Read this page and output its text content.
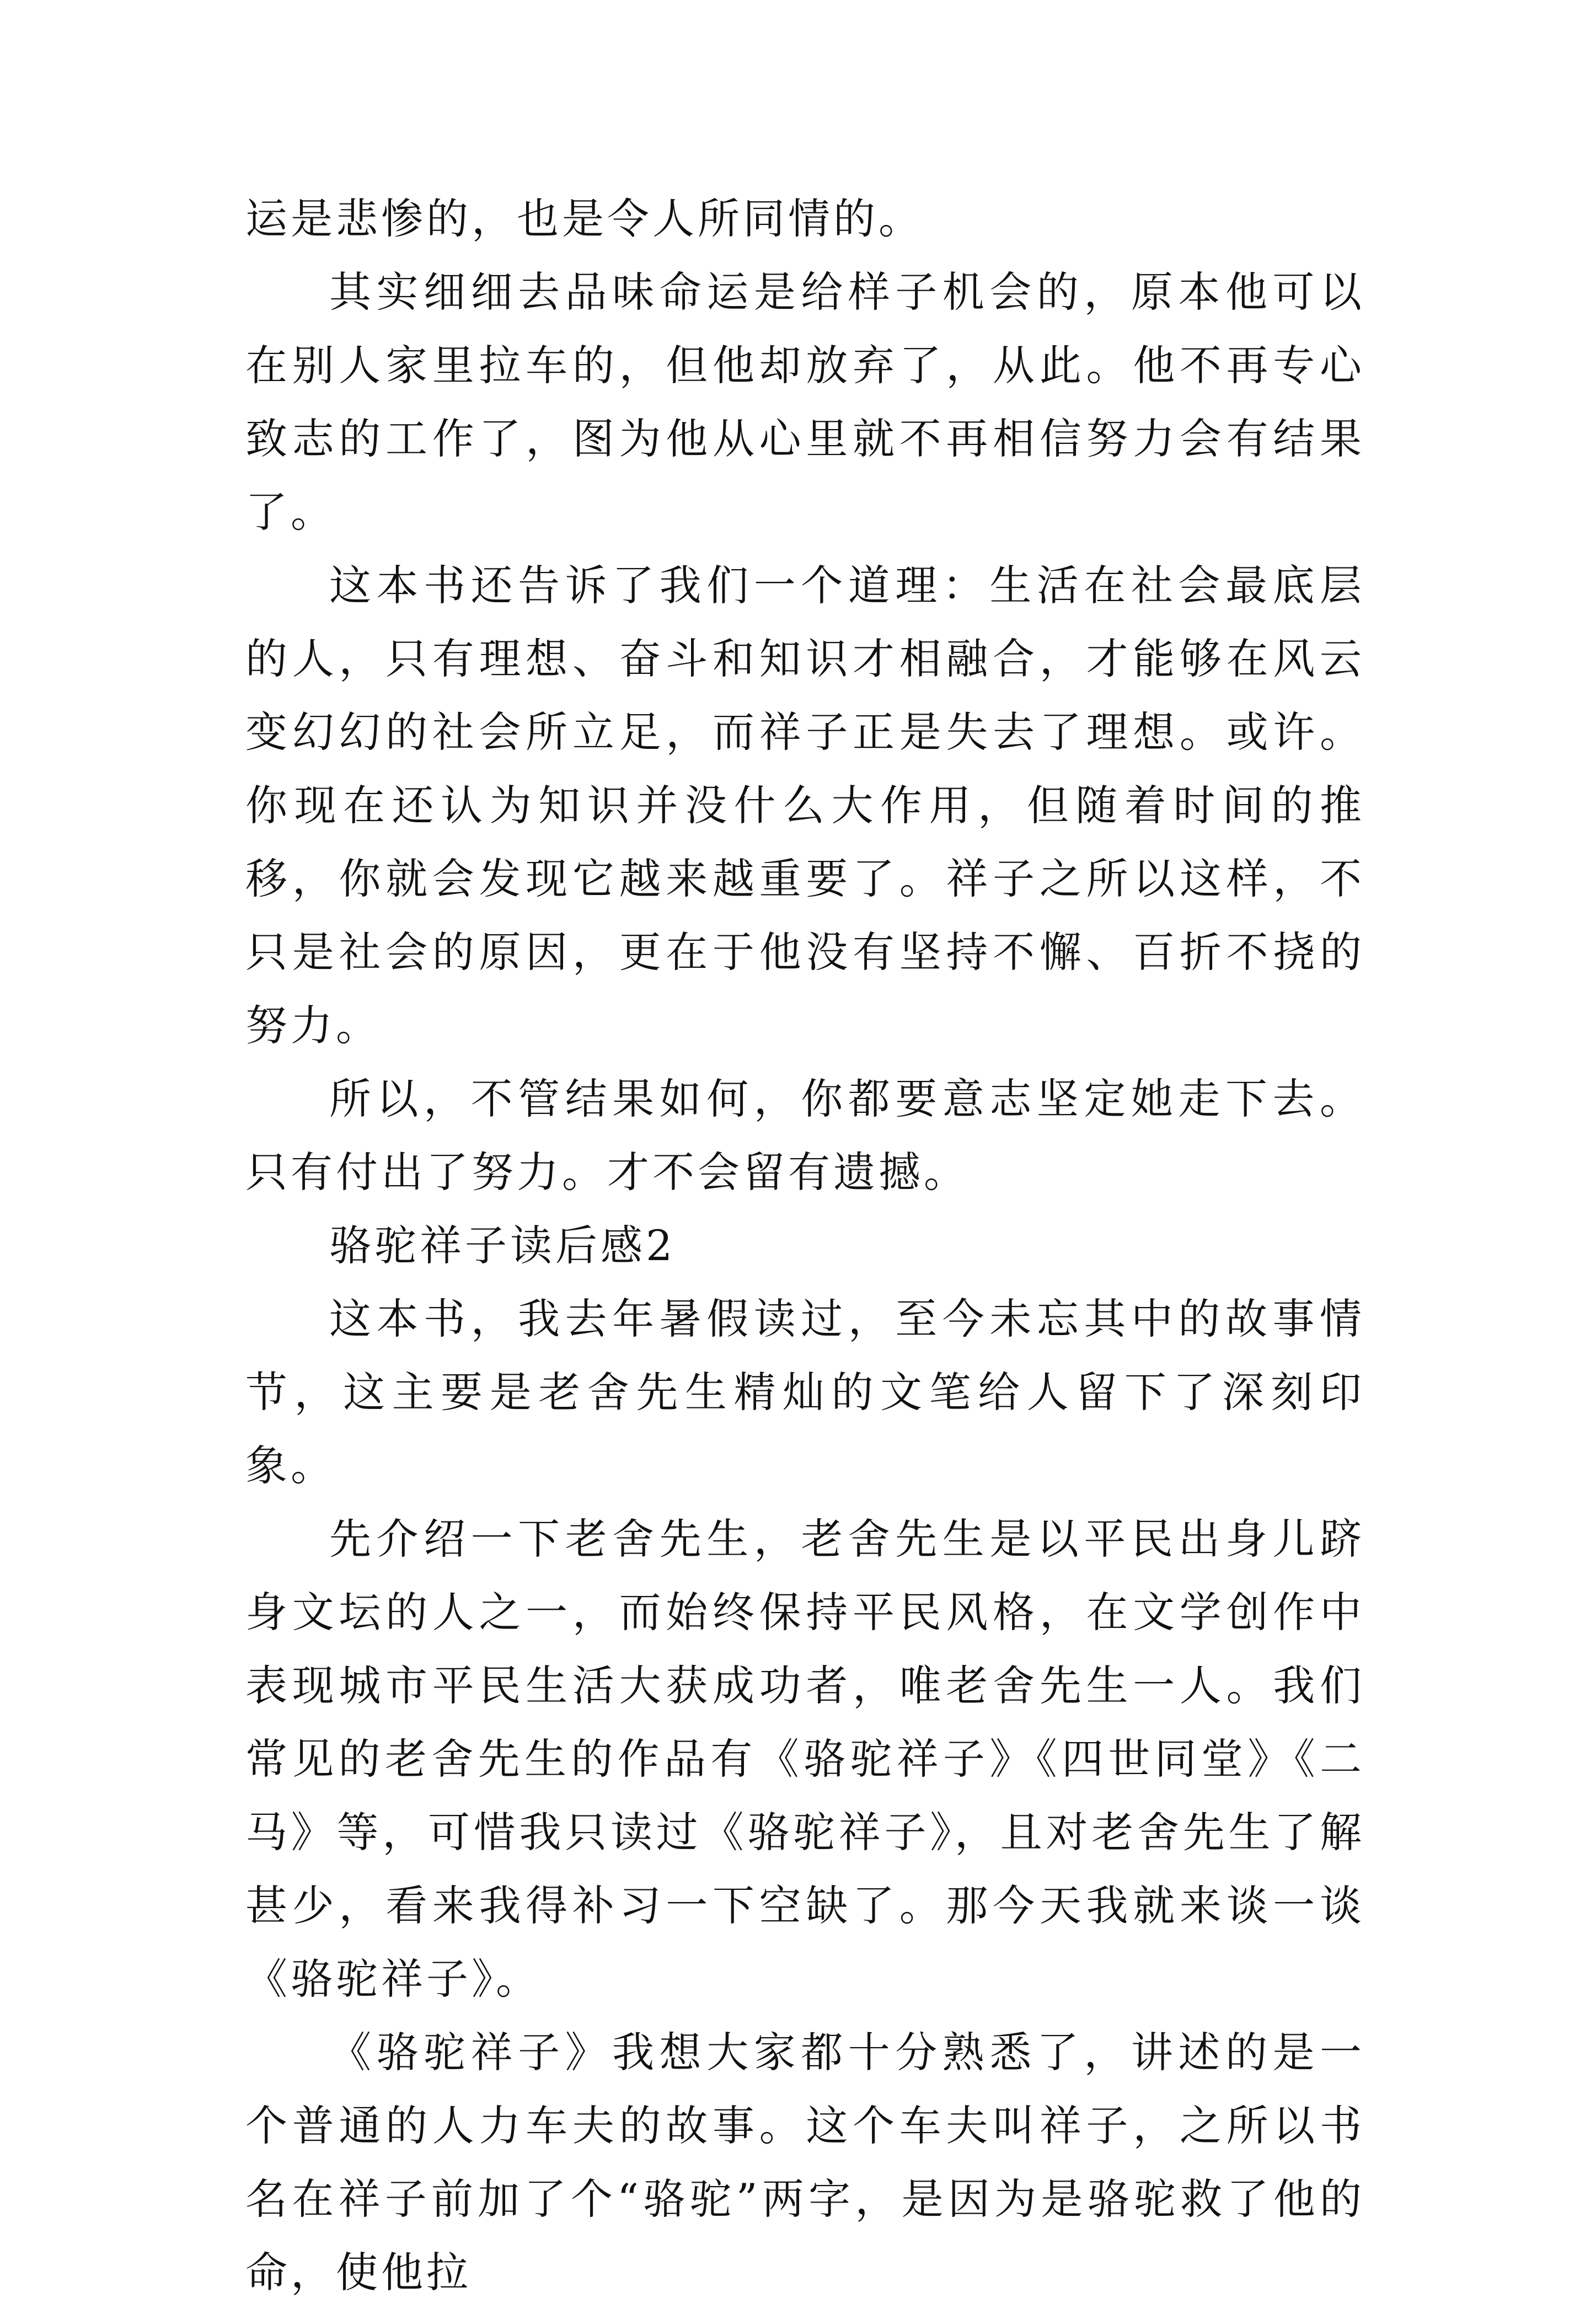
运是悲惨的，也是令人所同情的。

其实细细去品味命运是给样子机会的，原本他可以在别人家里拉车的，但他却放弃了，从此。他不再专心致志的工作了，图为他从心里就不再相信努力会有结果了。

这本书还告诉了我们一个道理：生活在社会最底层的人，只有理想、奋斗和知识才相融合，才能够在风云变幻幻的社会所立足，而祥子正是失去了理想。或许。你现在还认为知识并没什么大作用，但随着时间的推移，你就会发现它越来越重要了。祥子之所以这样，不只是社会的原因，更在于他没有坚持不懈、百折不挠的努力。

所以，不管结果如何，你都要意志坚定她走下去。只有付出了努力。才不会留有遗撼。

骆驼祥子读后感2

这本书，我去年暑假读过，至今未忘其中的故事情节，这主要是老舍先生精灿的文笔给人留下了深刻印象。

先介绍一下老舍先生，老舍先生是以平民出身儿跻身文坛的人之一，而始终保持平民风格，在文学创作中表现城市平民生活大获成功者，唯老舍先生一人。我们常见的老舍先生的作品有《骆驼祥子》《四世同堂》《二马》等，可惜我只读过《骆驼祥子》，且对老舍先生了解甚少，看来我得补习一下空缺了。那今天我就来谈一谈《骆驼祥子》。

《骆驼祥子》我想大家都十分熟悉了，讲述的是一个普通的人力车夫的故事。这个车夫叫祥子，之所以书名在祥子前加了个“骆驼”两字，是因为是骆驼救了他的命，使他拉
